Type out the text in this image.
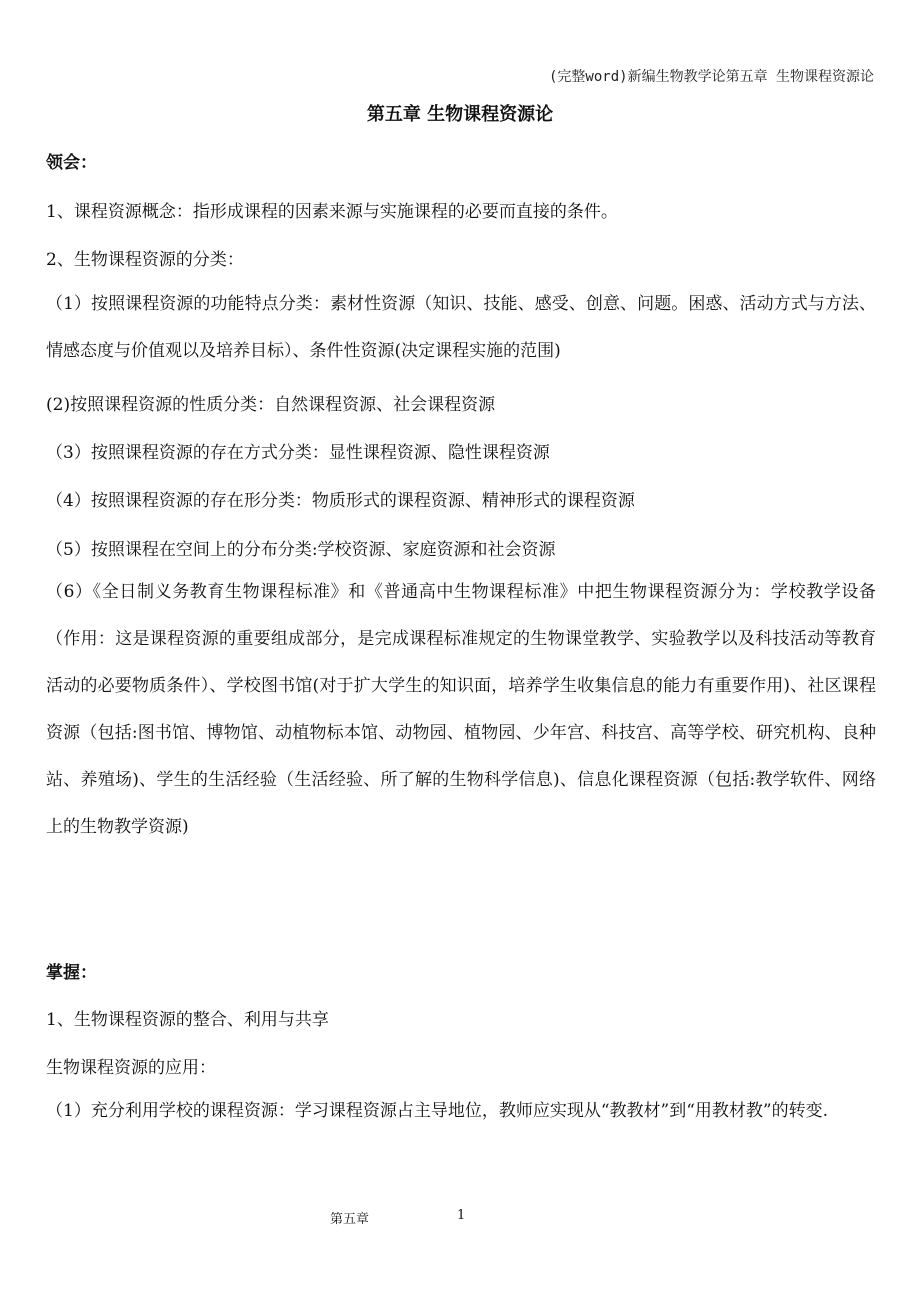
(完整word)新编生物教学论第五章 生物课程资源论
第五章 生物课程资源论
领会：
1、课程资源概念：指形成课程的因素来源与实施课程的必要而直接的条件。
2、生物课程资源的分类：
（1）按照课程资源的功能特点分类：素材性资源（知识、技能、感受、创意、问题。困惑、活动方式与方法、情感态度与价值观以及培养目标）、条件性资源(决定课程实施的范围)
(2)按照课程资源的性质分类：自然课程资源、社会课程资源
（3）按照课程资源的存在方式分类：显性课程资源、隐性课程资源
（4）按照课程资源的存在形分类：物质形式的课程资源、精神形式的课程资源
（5）按照课程在空间上的分布分类:学校资源、家庭资源和社会资源
（6）《全日制义务教育生物课程标准》和《普通高中生物课程标准》中把生物课程资源分为：学校教学设备（作用：这是课程资源的重要组成部分，是完成课程标准规定的生物课堂教学、实验教学以及科技活动等教育活动的必要物质条件）、学校图书馆(对于扩大学生的知识面，培养学生收集信息的能力有重要作用)、社区课程资源（包括:图书馆、博物馆、动植物标本馆、动物园、植物园、少年宫、科技宫、高等学校、研究机构、良种站、养殖场)、学生的生活经验（生活经验、所了解的生物科学信息)、信息化课程资源（包括:教学软件、网络上的生物教学资源)
掌握：
1、生物课程资源的整合、利用与共享
生物课程资源的应用：
（1）充分利用学校的课程资源：学习课程资源占主导地位，教师应实现从“教教材”到“用教材教”的转变.
第五章	1
